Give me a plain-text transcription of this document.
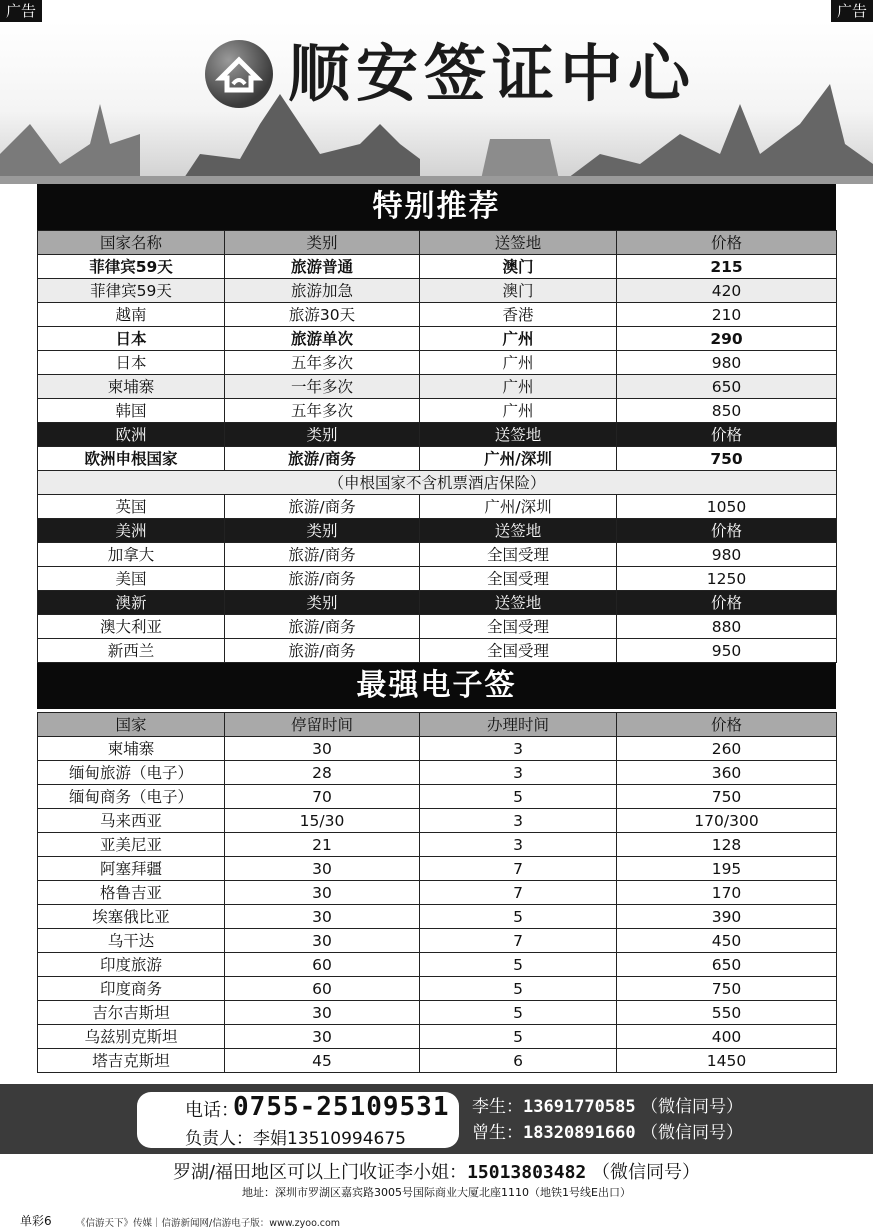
广告	广告
顺安签证中心
特别推荐
国家名称	类别	送签地	价格
菲律宾59天	旅游普通	澳门	215
菲律宾59天	旅游加急	澳门	420
越南	旅游30天	香港	210
日本	旅游单次	广州	290
日本	五年多次	广州	980
柬埔寨	一年多次	广州	650
韩国	五年多次	广州	850
欧洲	类别	送签地	价格
欧洲申根国家	旅游/商务	广州/深圳	750
（申根国家不含机票酒店保险）			
英国	旅游/商务	广州/深圳	1050
美洲	类别	送签地	价格
加拿大	旅游/商务	全国受理	980
美国	旅游/商务	全国受理	1250
澳新	类别	送签地	价格
澳大利亚	旅游/商务	全国受理	880
新西兰	旅游/商务	全国受理	950
最强电子签
国家	停留时间	办理时间	价格
柬埔寨	30	3	260
缅甸旅游（电子）	28	3	360
缅甸商务（电子）	70	5	750
马来西亚	15/30	3	170/300
亚美尼亚	21	3	128
阿塞拜疆	30	7	195
格鲁吉亚	30	7	170
埃塞俄比亚	30	5	390
乌干达	30	7	450
印度旅游	60	5	650
印度商务	60	5	750
吉尔吉斯坦	30	5	550
乌兹别克斯坦	30	5	400
塔吉克斯坦	45	6	1450
电话：
0755-25109531
负责人：李娟13510994675
李生：13691770585 （微信同号）
曾生：18320891660 （微信同号）
罗湖/福田地区可以上门收证李小姐：15013803482 （微信同号）
地址：深圳市罗湖区嘉宾路3005号国际商业大厦北座1110（地铁1号线E出口）
单彩6	《信游天下》传媒｜信游新闻网/信游电子版：www.zyoo.com
